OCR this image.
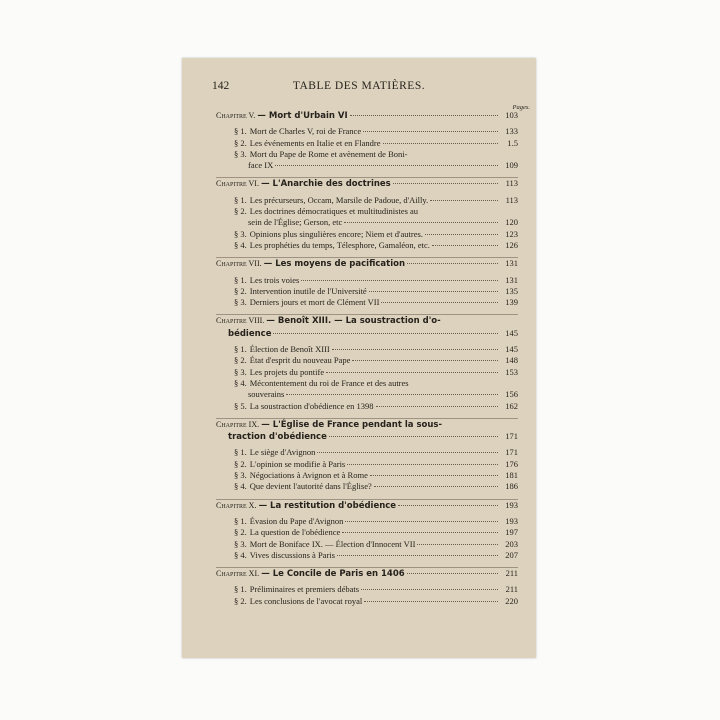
142	TABLE DES MATIÈRES.
Pages.
Chapitre V. — Mort d'Urbain VI	103
§ 1. Mort de Charles V, roi de France	133
§ 2. Les événements en Italie et en Flandre	1.5
§ 3. Mort du Pape de Rome et avènement de Boni-
face IX	109
Chapitre VI. — L'Anarchie des doctrines	113
§ 1. Les précurseurs, Occam, Marsile de Padoue, d'Ailly.	113
§ 2. Les doctrines démocratiques et multitudinistes au
sein de l'Église; Gerson, etc	120
§ 3. Opinions plus singulières encore; Niem et d'autres.	123
§ 4. Les prophéties du temps, Télesphore, Gamaléon, etc.	126
Chapitre VII. — Les moyens de pacification	131
§ 1. Les trois voies	131
§ 2. Intervention inutile de l'Université	135
§ 3. Derniers jours et mort de Clément VII	139
Chapitre VIII. — Benoît XIII. — La soustraction d'o-
bédience	145
§ 1. Élection de Benoît XIII	145
§ 2. État d'esprit du nouveau Pape	148
§ 3. Les projets du pontife	153
§ 4. Mécontentement du roi de France et des autres
souverains	156
§ 5. La soustraction d'obédience en 1398	162
Chapitre IX. — L'Église de France pendant la sous-
traction d'obédience	171
§ 1. Le siège d'Avignon	171
§ 2. L'opinion se modifie à Paris	176
§ 3. Négociations à Avignon et à Rome	181
§ 4. Que devient l'autorité dans l'Église?	186
Chapitre X. — La restitution d'obédience	193
§ 1. Évasion du Pape d'Avignon	193
§ 2. La question de l'obédience	197
§ 3. Mort de Boniface IX. — Élection d'Innocent VII	203
§ 4. Vives discussions à Paris	207
Chapitre XI. — Le Concile de Paris en 1406	211
§ 1. Préliminaires et premiers débats	211
§ 2. Les conclusions de l'avocat royal	220
